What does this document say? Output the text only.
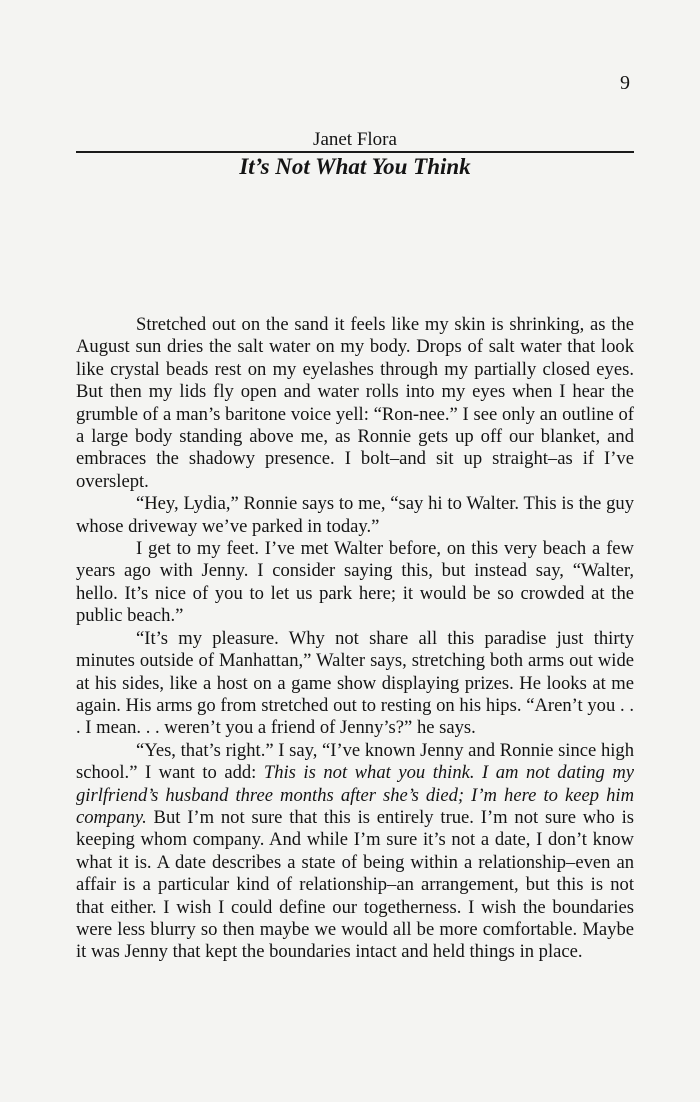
9
Janet Flora
It’s Not What You Think

Stretched out on the sand it feels like my skin is shrinking, as the August sun dries the salt water on my body. Drops of salt water that look like crystal beads rest on my eyelashes through my partially closed eyes. But then my lids fly open and water rolls into my eyes when I hear the grumble of a man’s baritone voice yell: “Ron-nee.” I see only an outline of a large body standing above me, as Ronnie gets up off our blanket, and embraces the shadowy presence. I bolt–and sit up straight–as if I’ve overslept.

“Hey, Lydia,” Ronnie says to me, “say hi to Walter. This is the guy whose driveway we’ve parked in today.”

I get to my feet. I’ve met Walter before, on this very beach a few years ago with Jenny. I consider saying this, but instead say, “Walter, hello. It’s nice of you to let us park here; it would be so crowded at the public beach.”

“It’s my pleasure. Why not share all this paradise just thirty minutes outside of Manhattan,” Walter says, stretching both arms out wide at his sides, like a host on a game show displaying prizes. He looks at me again. His arms go from stretched out to resting on his hips. “Aren’t you . . . I mean. . . weren’t you a friend of Jenny’s?” he says.

“Yes, that’s right.” I say, “I’ve known Jenny and Ronnie since high school.” I want to add: This is not what you think. I am not dating my girlfriend’s husband three months after she’s died; I’m here to keep him company. But I’m not sure that this is entirely true. I’m not sure who is keeping whom company. And while I’m sure it’s not a date, I don’t know what it is. A date describes a state of being within a relationship–even an affair is a particular kind of relationship–an arrangement, but this is not that either. I wish I could define our togetherness. I wish the boundaries were less blurry so then maybe we would all be more comfortable. Maybe it was Jenny that kept the boundaries intact and held things in place.
